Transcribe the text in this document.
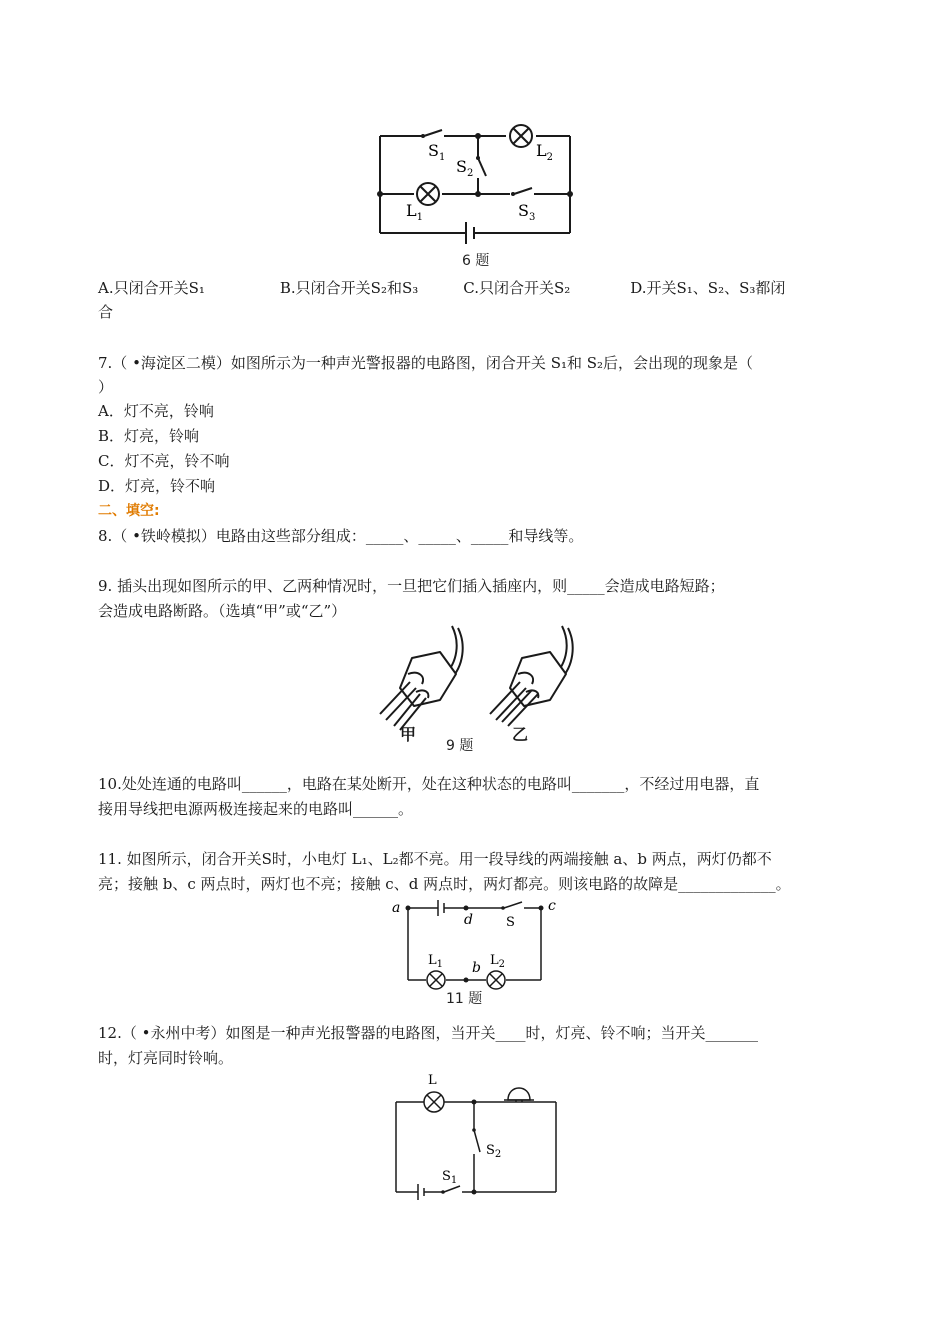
$S_1$ $S_2$
$L_2$
$L_1$	$S_3$
6 题
A.只闭合开关S₁　　　　　B.只闭合开关S₂和S₃　　　C.只闭合开关S₂　　　　D.开关S₁、S₂、S₃都闭
合
7.（ •海淀区二模）如图所示为一种声光警报器的电路图，闭合开关 S₁和 S₂后，会出现的现象是（
）
A．灯不亮，铃响
B．灯亮，铃响
C．灯不亮，铃不响
D．灯亮，铃不响
二、填空:
8.（ •铁岭模拟）电路由这些部分组成：_____、_____、_____和导线等。
9. 插头出现如图所示的甲、乙两种情况时，一旦把它们插入插座内，则_____会造成电路短路；
会造成电路断路。（选填“甲”或“乙”）
甲	乙
9 题
10.处处连通的电路叫______，电路在某处断开，处在这种状态的电路叫_______，不经过用电器，直
接用导线把电源两极连接起来的电路叫______。
11. 如图所示，闭合开关S时，小电灯 L₁、L₂都不亮。用一段导线的两端接触 a、b 两点，两灯仍都不
亮；接触 b、c 两点时，两灯也不亮；接触 c、d 两点时，两灯都亮。则该电路的故障是_____________。
a
d	S
c
$L_1$ b $L_2$
11 题
12.（ •永州中考）如图是一种声光报警器的电路图，当开关____时，灯亮、铃不响；当开关_______
时，灯亮同时铃响。
L
$S_2$
$S_1$
